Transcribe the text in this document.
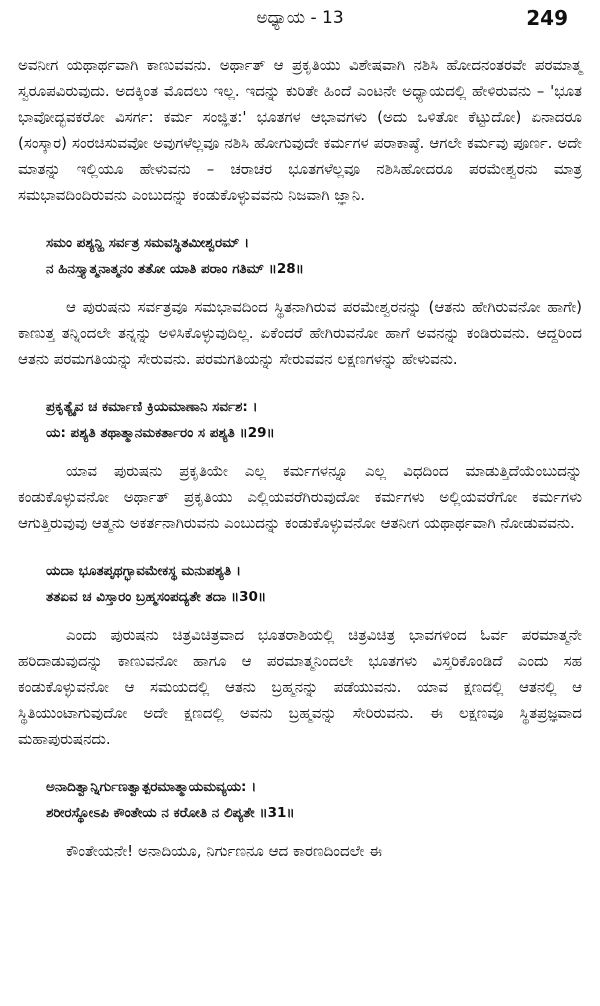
ಅಧ್ಯಾಯ - 13	249

ಅವನೀಗ ಯಥಾರ್ಥವಾಗಿ ಕಾಣುವವನು. ಅರ್ಥಾತ್ ಆ ಪ್ರಕೃತಿಯು ವಿಶೇಷವಾಗಿ ನಶಿಸಿ ಹೋದನಂತರವೇ ಪರಮಾತ್ಮ ಸ್ವರೂಪವಿರುವುದು. ಅದಕ್ಕಿಂತ ಮೊದಲು ಇಲ್ಲ. ಇದನ್ನು ಕುರಿತೇ ಹಿಂದೆ ಎಂಟನೇ ಅಧ್ಯಾಯದಲ್ಲಿ ಹೇಳಿರುವನು – 'ಭೂತ ಭಾವೋದ್ಭವಕರೋ ವಿಸರ್ಗ: ಕರ್ಮ ಸಂಜ್ಞಿತ:' ಭೂತಗಳ ಆಭಾವಗಳು (ಅದು ಒಳಿತೋ ಕೆಟ್ಟುದೋ) ಏನಾದರೂ (ಸಂಸ್ಕಾರ) ಸಂರಚಿಸುವವೋ ಅವುಗಳೆಲ್ಲವೂ ನಶಿಸಿ ಹೋಗುವುದೇ ಕರ್ಮಗಳ ಪರಾಕಾಷ್ಠೆ. ಆಗಲೇ ಕರ್ಮವು ಪೂರ್ಣ. ಅದೇ ಮಾತನ್ನು ಇಲ್ಲಿಯೂ ಹೇಳುವನು – ಚರಾಚರ ಭೂತಗಳೆಲ್ಲವೂ ನಶಿಸಿಹೋದರೂ ಪರಮೇಶ್ವರನು ಮಾತ್ರ ಸಮಭಾವದಿಂದಿರುವನು ಎಂಬುದನ್ನು ಕಂಡುಕೊಳ್ಳುವವನು ನಿಜವಾಗಿ ಜ್ಞಾನಿ.

ಸಮಂ ಪಶ್ಯನ್ಹಿ ಸರ್ವತ್ರ ಸಮವಸ್ಥಿತಮೀಶ್ವರಮ್ ।
ನ ಹಿನಸ್ತ್ಯಾತ್ಮನಾತ್ಮನಂ ತತೋ ಯಾತಿ ಪರಾಂ ಗತಿಮ್ ॥28॥

ಆ ಪುರುಷನು ಸರ್ವತ್ರವೂ ಸಮಭಾವದಿಂದ ಸ್ಥಿತನಾಗಿರುವ ಪರಮೇಶ್ವರನನ್ನು (ಆತನು ಹೇಗಿರುವನೋ ಹಾಗೇ) ಕಾಣುತ್ತ ತನ್ನಿಂದಲೇ ತನ್ನನ್ನು ಅಳಿಸಿಕೊಳ್ಳುವುದಿಲ್ಲ. ಏಕೆಂದರೆ ಹೇಗಿರುವನೋ ಹಾಗೆ ಅವನನ್ನು ಕಂಡಿರುವನು. ಆದ್ದರಿಂದ ಆತನು ಪರಮಗತಿಯನ್ನು ಸೇರುವನು. ಪರಮಗತಿಯನ್ನು ಸೇರುವವನ ಲಕ್ಷಣಗಳನ್ನು ಹೇಳುವನು.

ಪ್ರಕೃತ್ಯೈವ ಚ ಕರ್ಮಾಣಿ ಕ್ರಿಯಮಾಣಾನಿ ಸರ್ವಶ: ।
ಯ: ಪಶ್ಯತಿ ತಥಾತ್ಮಾನಮಕರ್ತಾರಂ ಸ ಪಶ್ಯತಿ ॥29॥

ಯಾವ ಪುರುಷನು ಪ್ರಕೃತಿಯೇ ಎಲ್ಲ ಕರ್ಮಗಳನ್ನೂ ಎಲ್ಲ ವಿಧದಿಂದ ಮಾಡುತ್ತಿದೆಯೆಂಬುದನ್ನು ಕಂಡುಕೊಳ್ಳುವನೋ ಅರ್ಥಾತ್ ಪ್ರಕೃತಿಯು ಎಲ್ಲಿಯವರೆಗಿರುವುದೋ ಕರ್ಮಗಳು ಅಲ್ಲಿಯವರೆಗೋ ಕರ್ಮಗಳು ಆಗುತ್ತಿರುವುವು ಆತ್ಮನು ಅಕರ್ತನಾಗಿರುವನು ಎಂಬುದನ್ನು ಕಂಡುಕೊಳ್ಳುವನೋ ಆತನೀಗ ಯಥಾರ್ಥವಾಗಿ ನೋಡುವವನು.

ಯದಾ ಭೂತಪೃಥಗ್ಭಾವಮೇಕಸ್ಥ ಮನುಪಶ್ಯತಿ ।
ತತಏವ ಚ ವಿಸ್ತಾರಂ ಬ್ರಹ್ಮಸಂಪದ್ಯತೇ ತದಾ ॥30॥

ಎಂದು ಪುರುಷನು ಚಿತ್ರವಿಚಿತ್ರವಾದ ಭೂತರಾಶಿಯಲ್ಲಿ ಚಿತ್ರವಿಚಿತ್ರ ಭಾವಗಳಿಂದ ಓರ್ವ ಪರಮಾತ್ಮನೇ ಹರಿದಾಡುವುದನ್ನು ಕಾಣುವನೋ ಹಾಗೂ ಆ ಪರಮಾತ್ಮನಿಂದಲೇ ಭೂತಗಳು ವಿಸ್ತರಿಕೊಂಡಿದೆ ಎಂದು ಸಹ ಕಂಡುಕೊಳ್ಳುವನೋ ಆ ಸಮಯದಲ್ಲಿ ಆತನು ಬ್ರಹ್ಮನನ್ನು ಪಡೆಯುವನು. ಯಾವ ಕ್ಷಣದಲ್ಲಿ ಆತನಲ್ಲಿ ಆ ಸ್ಥಿತಿಯುಂಟಾಗುವುದೋ ಅದೇ ಕ್ಷಣದಲ್ಲಿ ಅವನು ಬ್ರಹ್ಮವನ್ನು ಸೇರಿರುವನು. ಈ ಲಕ್ಷಣವೂ ಸ್ಥಿತಪ್ರಜ್ಞವಾದ ಮಹಾಪುರುಷನದು.

ಅನಾದಿತ್ವಾನ್ನಿರ್ಗುಣತ್ವಾತ್ಪರಮಾತ್ಮಾಯಮವ್ಯಯ: ।
ಶರೀರಸ್ಥೋಽಪಿ ಕೌಂತೇಯ ನ ಕರೋತಿ ನ ಲಿಪ್ಯತೇ ॥31॥

ಕೌಂತೇಯನೇ! ಅನಾದಿಯೂ, ನಿರ್ಗುಣನೂ ಆದ ಕಾರಣದಿಂದಲೇ ಈ
